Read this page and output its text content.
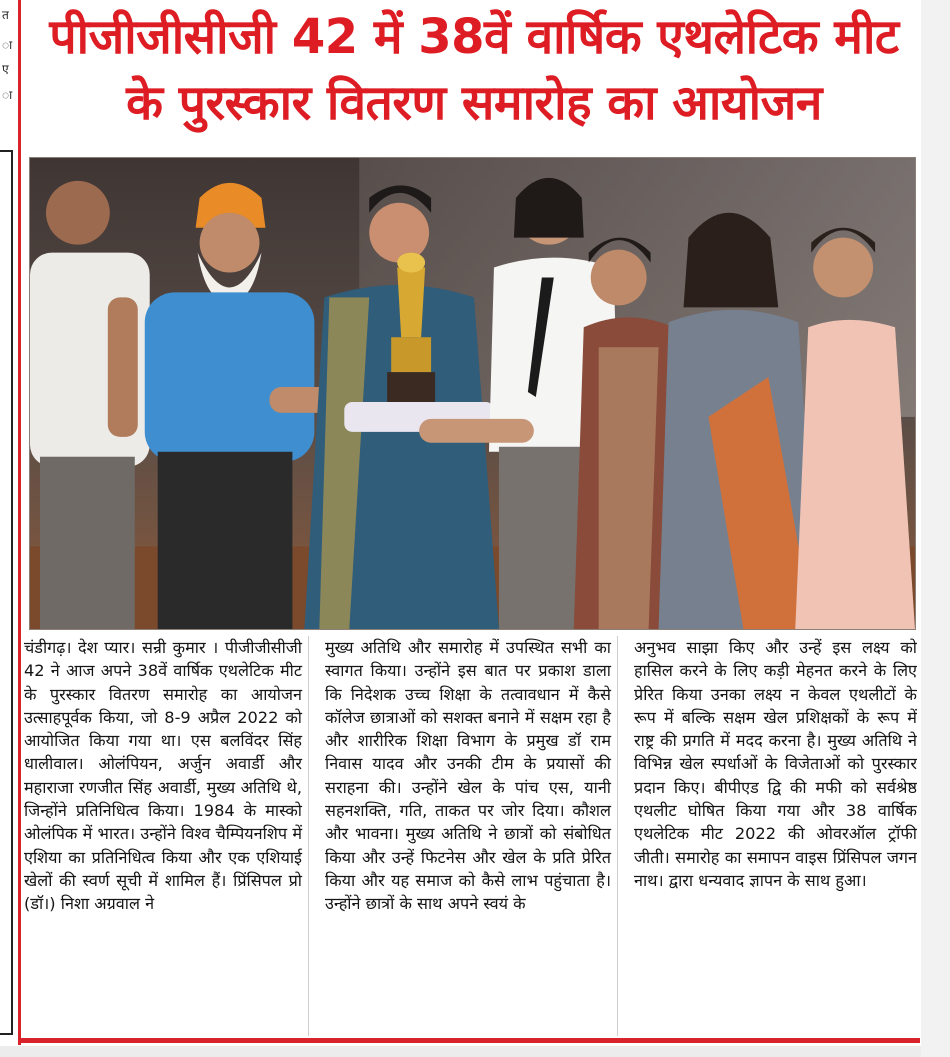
त
ा
ए
ा
पीजीजीसीजी 42 में 38वें वार्षिक एथलेटिक मीट
के पुरस्कार वितरण समारोह का आयोजन

चंडीगढ़। देश प्यार। सन्री कुमार । पीजीजीसीजी 42 ने आज अपने 38वें वार्षिक एथलेटिक मीट के पुरस्कार वितरण समारोह का आयोजन उत्साहपूर्वक किया, जो 8-9 अप्रैल 2022 को आयोजित किया गया था। एस बलविंदर सिंह धालीवाल। ओलंपियन, अर्जुन अवार्डी और महाराजा रणजीत सिंह अवार्डी, मुख्य अतिथि थे, जिन्होंने प्रतिनिधित्व किया। 1984 के मास्को ओलंपिक में भारत। उन्होंने विश्व चैम्पियनशिप में एशिया का प्रतिनिधित्व किया और एक एशियाई खेलों की स्वर्ण सूची में शामिल हैं। प्रिंसिपल प्रो (डॉ।) निशा अग्रवाल ने

मुख्य अतिथि और समारोह में उपस्थित सभी का स्वागत किया। उन्होंने इस बात पर प्रकाश डाला कि निदेशक उच्च शिक्षा के तत्वावधान में कैसे कॉलेज छात्राओं को सशक्त बनाने में सक्षम रहा है और शारीरिक शिक्षा विभाग के प्रमुख डॉ राम निवास यादव और उनकी टीम के प्रयासों की सराहना की। उन्होंने खेल के पांच एस, यानी सहनशक्ति, गति, ताकत पर जोर दिया। कौशल और भावना। मुख्य अतिथि ने छात्रों को संबोधित किया और उन्हें फिटनेस और खेल के प्रति प्रेरित किया और यह समाज को कैसे लाभ पहुंचाता है। उन्होंने छात्रों के साथ अपने स्वयं के

अनुभव साझा किए और उन्हें इस लक्ष्य को हासिल करने के लिए कड़ी मेहनत करने के लिए प्रेरित किया उनका लक्ष्य न केवल एथलीटों के रूप में बल्कि सक्षम खेल प्रशिक्षकों के रूप में राष्ट्र की प्रगति में मदद करना है। मुख्य अतिथि ने विभिन्न खेल स्पर्धाओं के विजेताओं को पुरस्कार प्रदान किए। बीपीएड द्वि की मफी को सर्वश्रेष्ठ एथलीट घोषित किया गया और 38 वार्षिक एथलेटिक मीट 2022 की ओवरऑल ट्रॉफी जीती। समारोह का समापन वाइस प्रिंसिपल जगन नाथ। द्वारा धन्यवाद ज्ञापन के साथ हुआ।
